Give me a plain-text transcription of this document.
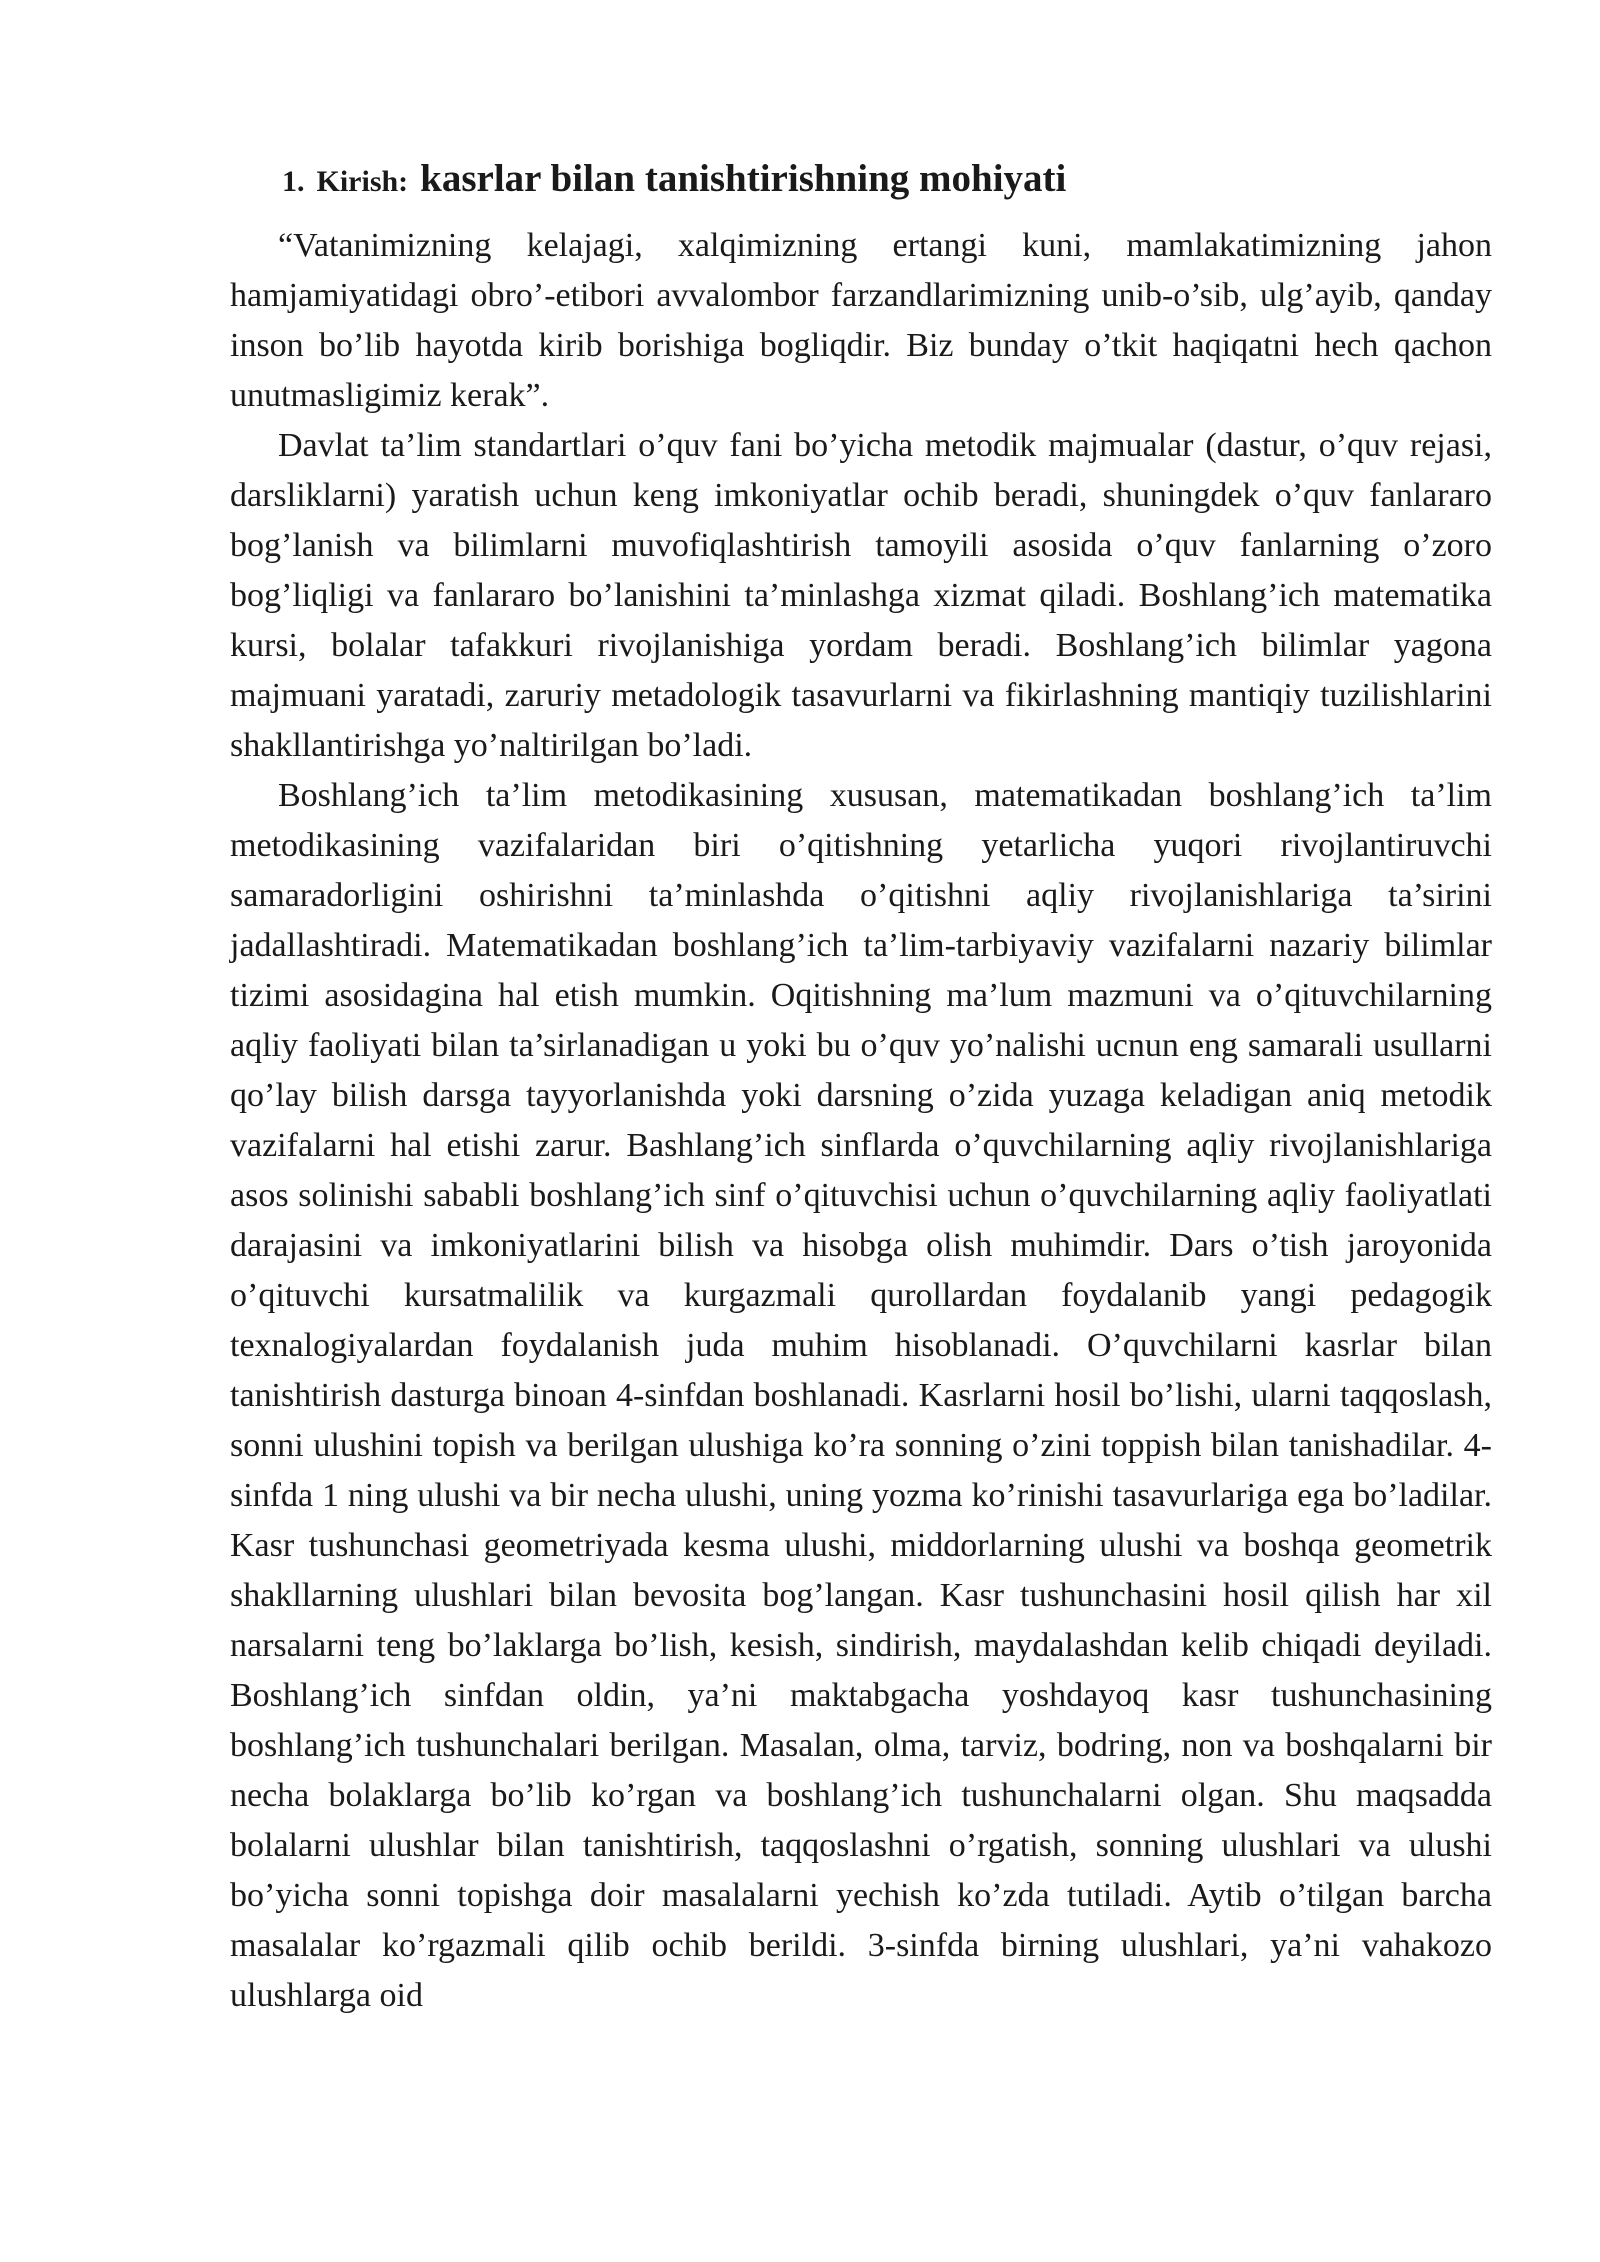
1. Kirish: kasrlar bilan tanishtirishning mohiyati

“Vatanimizning kelajagi, xalqimizning ertangi kuni, mamlakatimizning jahon hamjamiyatidagi obro’-etibori avvalombor farzandlarimizning unib-o’sib, ulg’ayib, qanday inson bo’lib hayotda kirib borishiga bogliqdir. Biz bunday o’tkit haqiqatni hech qachon unutmasligimiz kerak”.

Davlat ta’lim standartlari o’quv fani bo’yicha metodik majmualar (dastur, o’quv rejasi, darsliklarni) yaratish uchun keng imkoniyatlar ochib beradi, shuningdek o’quv fanlararo bog’lanish va bilimlarni muvofiqlashtirish tamoyili asosida o’quv fanlarning o’zoro bog’liqligi va fanlararo bo’lanishini ta’minlashga xizmat qiladi. Boshlang’ich matematika kursi, bolalar tafakkuri rivojlanishiga yordam beradi. Boshlang’ich bilimlar yagona majmuani yaratadi, zaruriy metadologik tasavurlarni va fikirlashning mantiqiy tuzilishlarini shakllantirishga yo’naltirilgan bo’ladi.

Boshlang’ich ta’lim metodikasining xususan, matematikadan boshlang’ich ta’lim metodikasining vazifalaridan biri o’qitishning yetarlicha yuqori rivojlantiruvchi samaradorligini oshirishni ta’minlashda o’qitishni aqliy rivojlanishlariga ta’sirini jadallashtiradi. Matematikadan boshlang’ich ta’lim-tarbiyaviy vazifalarni nazariy bilimlar tizimi asosidagina hal etish mumkin. Oqitishning ma’lum mazmuni va o’qituvchilarning aqliy faoliyati bilan ta’sirlanadigan u yoki bu o’quv yo’nalishi ucnun eng samarali usullarni qo’lay bilish darsga tayyorlanishda yoki darsning o’zida yuzaga keladigan aniq metodik vazifalarni hal etishi zarur. Bashlang’ich sinflarda o’quvchilarning aqliy rivojlanishlariga asos solinishi sababli boshlang’ich sinf o’qituvchisi uchun o’quvchilarning aqliy faoliyatlati darajasini va imkoniyatlarini bilish va hisobga olish muhimdir. Dars o’tish jaroyonida o’qituvchi kursatmalilik va kurgazmali qurollardan foydalanib yangi pedagogik texnalogiyalardan foydalanish juda muhim hisoblanadi. O’quvchilarni kasrlar bilan tanishtirish dasturga binoan 4-sinfdan boshlanadi. Kasrlarni hosil bo’lishi, ularni taqqoslash, sonni ulushini topish va berilgan ulushiga ko’ra sonning o’zini toppish bilan tanishadilar. 4-sinfda 1 ning ulushi va bir necha ulushi, uning yozma ko’rinishi tasavurlariga ega bo’ladilar. Kasr tushunchasi geometriyada kesma ulushi, middorlarning ulushi va boshqa geometrik shakllarning ulushlari bilan bevosita bog’langan. Kasr tushunchasini hosil qilish har xil narsalarni teng bo’laklarga bo’lish, kesish, sindirish, maydalashdan kelib chiqadi deyiladi. Boshlang’ich sinfdan oldin, ya’ni maktabgacha yoshdayoq kasr tushunchasining boshlang’ich tushunchalari berilgan. Masalan, olma, tarviz, bodring, non va boshqalarni bir necha bolaklarga bo’lib ko’rgan va boshlang’ich tushunchalarni olgan. Shu maqsadda bolalarni ulushlar bilan tanishtirish, taqqoslashni o’rgatish, sonning ulushlari va ulushi bo’yicha sonni topishga doir masalalarni yechish ko’zda tutiladi. Aytib o’tilgan barcha masalalar ko’rgazmali qilib ochib berildi. 3-sinfda birning ulushlari, ya’ni vahakozo ulushlarga oid
